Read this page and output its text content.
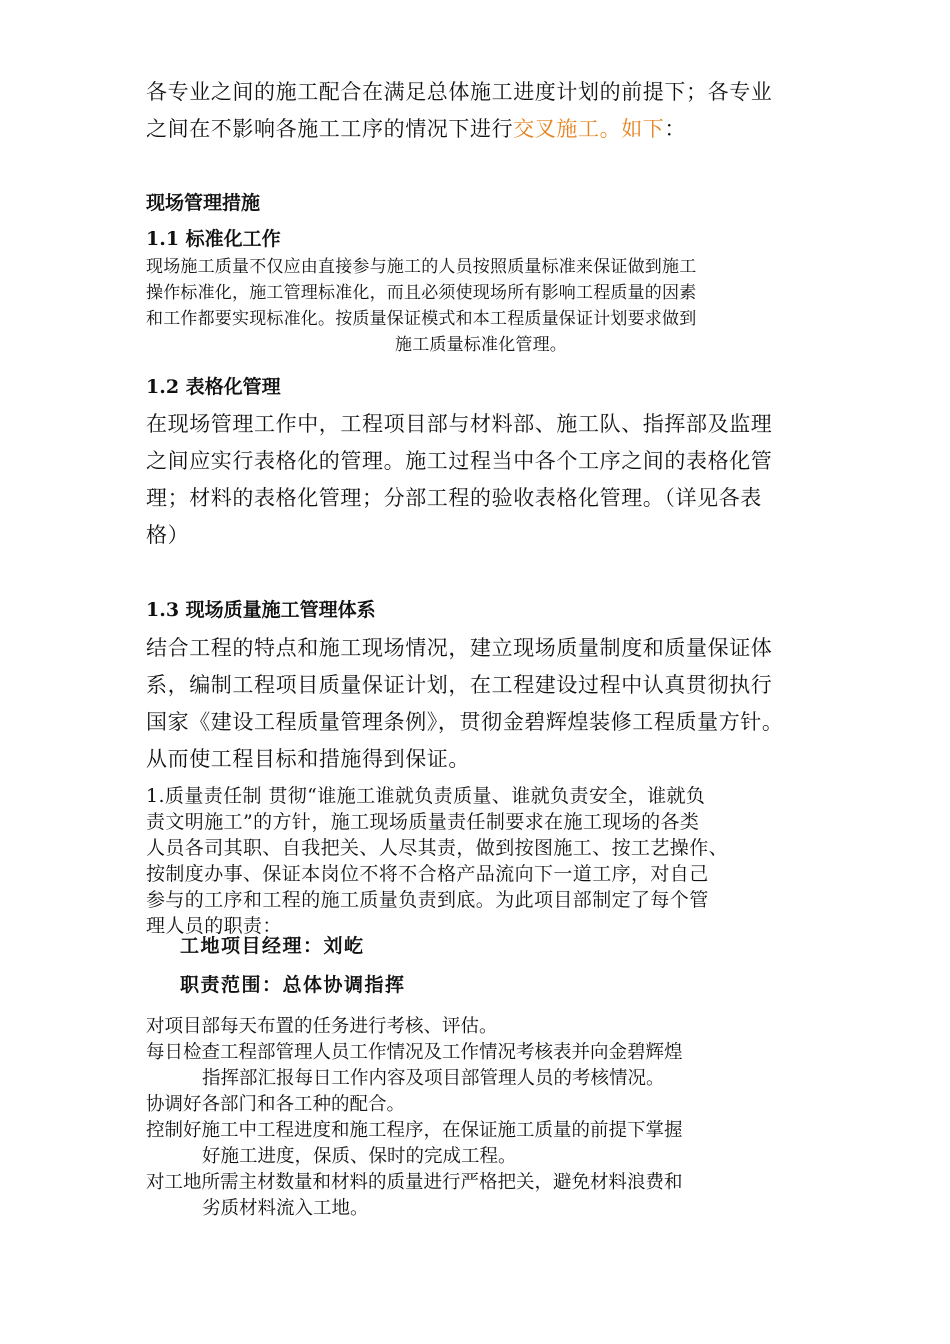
各专业之间的施工配合在满足总体施工进度计划的前提下；各专业
之间在不影响各施工工序的情况下进行交叉施工。如下：
现场管理措施
1.1 标准化工作
现场施工质量不仅应由直接参与施工的人员按照质量标准来保证做到施工
操作标准化，施工管理标准化，而且必须使现场所有影响工程质量的因素
和工作都要实现标准化。按质量保证模式和本工程质量保证计划要求做到
施工质量标准化管理。
1.2 表格化管理
在现场管理工作中，工程项目部与材料部、施工队、指挥部及监理
之间应实行表格化的管理。施工过程当中各个工序之间的表格化管
理；材料的表格化管理；分部工程的验收表格化管理。（详见各表
格）
1.3 现场质量施工管理体系
结合工程的特点和施工现场情况，建立现场质量制度和质量保证体
系，编制工程项目质量保证计划，在工程建设过程中认真贯彻执行
国家《建设工程质量管理条例》，贯彻金碧辉煌装修工程质量方针。
从而使工程目标和措施得到保证。
1.质量责任制 贯彻“谁施工谁就负责质量、谁就负责安全，谁就负
责文明施工”的方针，施工现场质量责任制要求在施工现场的各类
人员各司其职、自我把关、人尽其责，做到按图施工、按工艺操作、
按制度办事、保证本岗位不将不合格产品流向下一道工序，对自己
参与的工序和工程的施工质量负责到底。为此项目部制定了每个管
理人员的职责：
工地项目经理：刘屹
职责范围：总体协调指挥
对项目部每天布置的任务进行考核、评估。
每日检查工程部管理人员工作情况及工作情况考核表并向金碧辉煌
指挥部汇报每日工作内容及项目部管理人员的考核情况。
协调好各部门和各工种的配合。
控制好施工中工程进度和施工程序，在保证施工质量的前提下掌握
好施工进度，保质、保时的完成工程。
对工地所需主材数量和材料的质量进行严格把关，避免材料浪费和
劣质材料流入工地。
